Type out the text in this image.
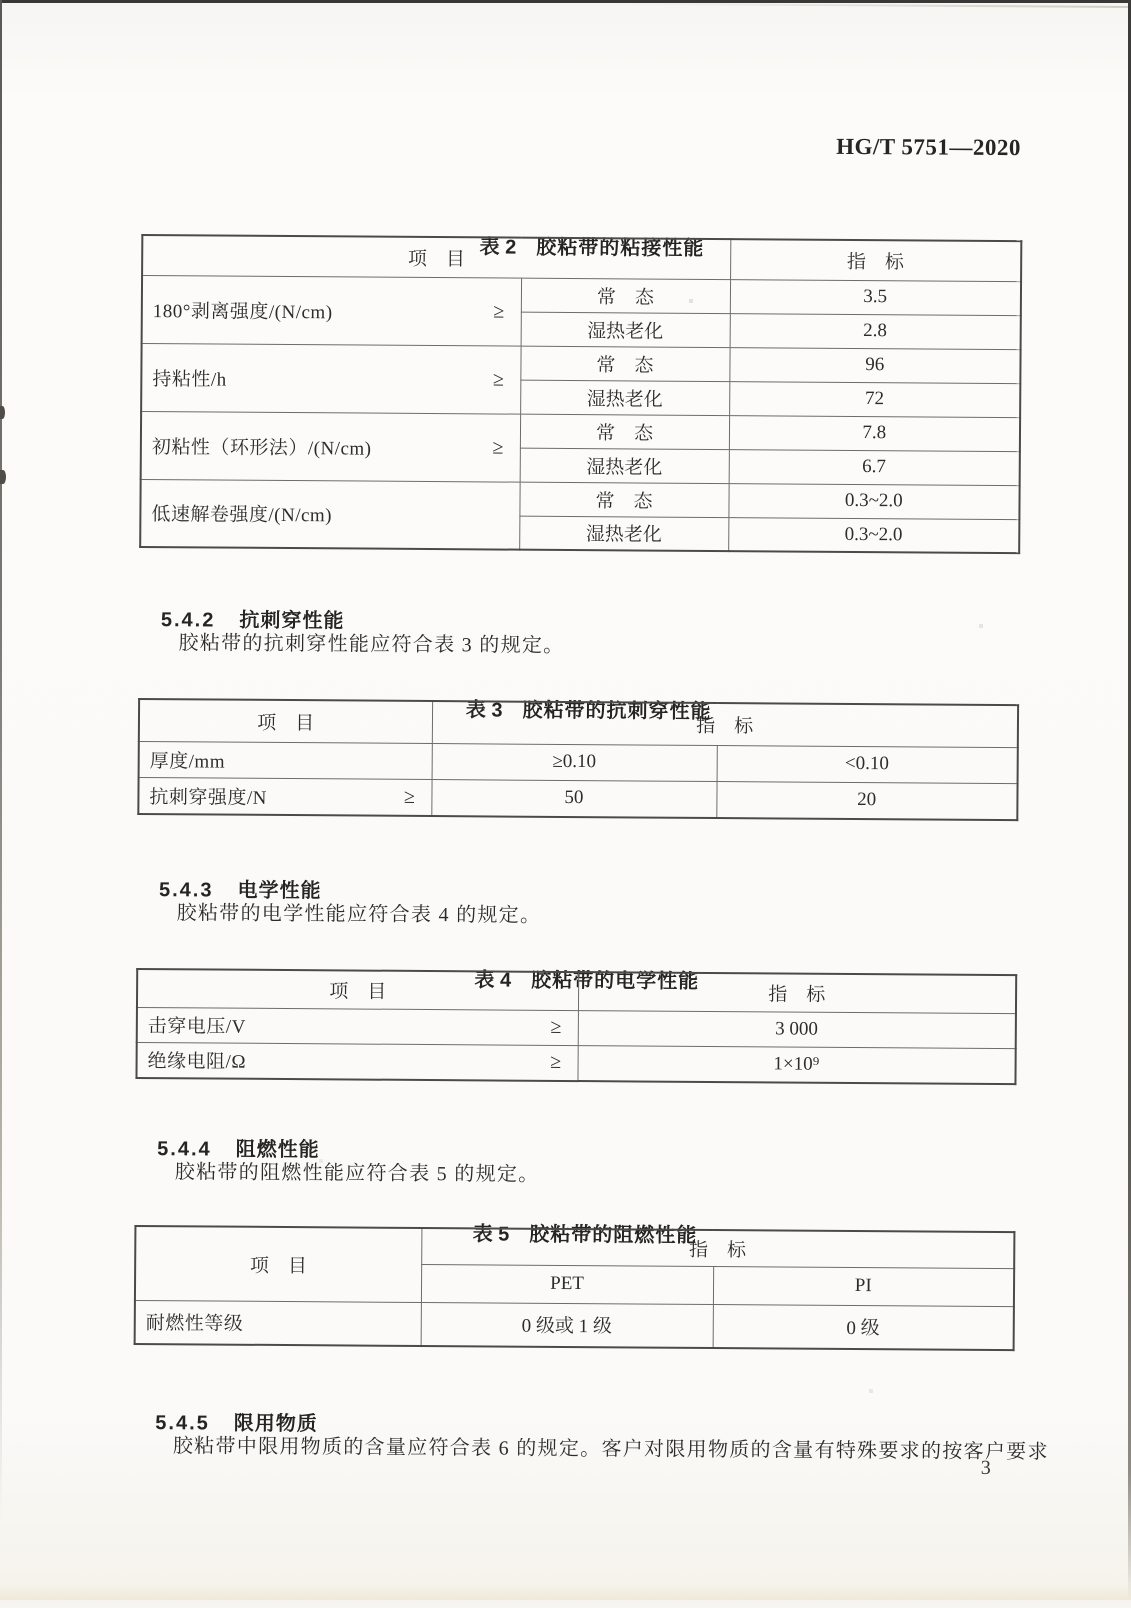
HG/T 5751—2020

表 2 胶粘带的粘接性能

项    目		指    标

180°剥离强度/(N/cm) ≥	常    态	3.5
	湿热老化	2.8

持粘性/h ≥	常    态	96
	湿热老化	72

初粘性（环形法）/(N/cm) ≥	常    态	7.8
	湿热老化	6.7

低速解卷强度/(N/cm)	常    态	0.3~2.0
	湿热老化	0.3~2.0

5.4.2 抗刺穿性能

胶粘带的抗刺穿性能应符合表 3 的规定。

表 3 胶粘带的抗刺穿性能

项    目	指    标	

厚度/mm	≥0.10	<0.10

抗刺穿强度/N ≥	50	20

5.4.3 电学性能

胶粘带的电学性能应符合表 4 的规定。

表 4 胶粘带的电学性能

项    目	指    标

击穿电压/V ≥	3 000

绝缘电阻/Ω ≥	1×10⁹

5.4.4 阻燃性能

胶粘带的阻燃性能应符合表 5 的规定。

表 5 胶粘带的阻燃性能

项    目	指    标	
	PET	PI

耐燃性等级	0 级或 1 级	0 级

5.4.5 限用物质

胶粘带中限用物质的含量应符合表 6 的规定。客户对限用物质的含量有特殊要求的按客户要求
3
